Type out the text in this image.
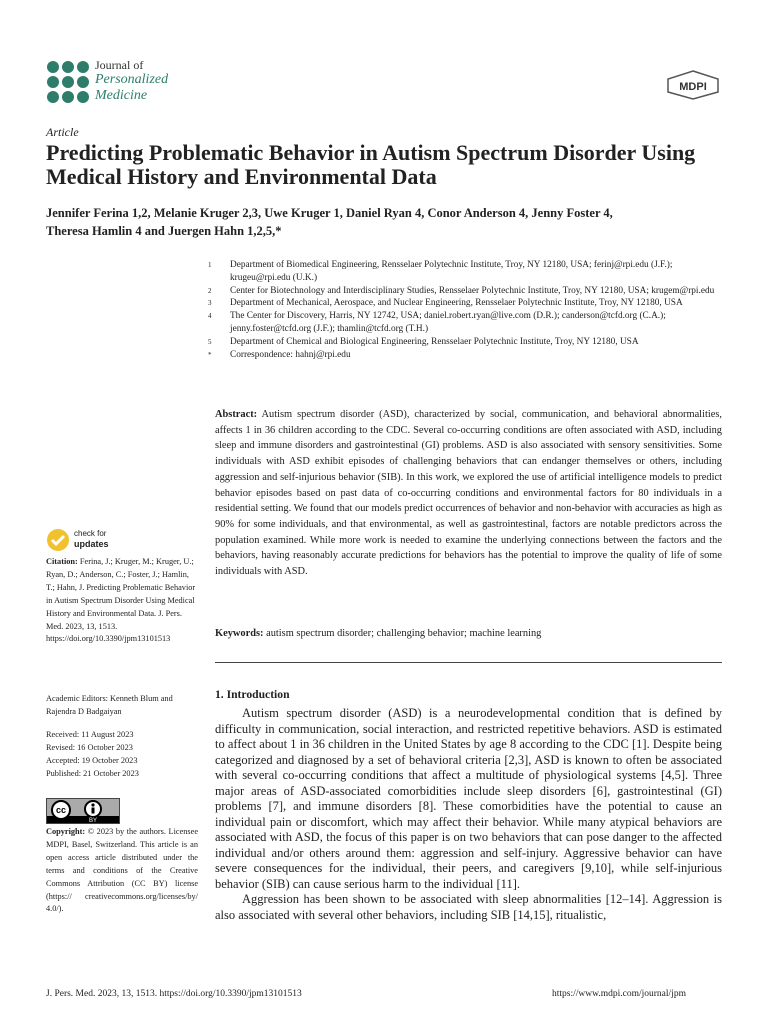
Journal of
Personalized
Medicine
MDPI
Article
Predicting Problematic Behavior in Autism Spectrum Disorder Using Medical History and Environmental Data
Jennifer Ferina 1,2, Melanie Kruger 2,3, Uwe Kruger 1, Daniel Ryan 4, Conor Anderson 4, Jenny Foster 4,
Theresa Hamlin 4 and Juergen Hahn 1,2,5,*
1	Department of Biomedical Engineering, Rensselaer Polytechnic Institute, Troy, NY 12180, USA; ferinj@rpi.edu (J.F.); krugeu@rpi.edu (U.K.)
2	Center for Biotechnology and Interdisciplinary Studies, Rensselaer Polytechnic Institute, Troy, NY 12180, USA; krugem@rpi.edu
3	Department of Mechanical, Aerospace, and Nuclear Engineering, Rensselaer Polytechnic Institute, Troy, NY 12180, USA
4	The Center for Discovery, Harris, NY 12742, USA; daniel.robert.ryan@live.com (D.R.); canderson@tcfd.org (C.A.); jenny.foster@tcfd.org (J.F.); thamlin@tcfd.org (T.H.)
5	Department of Chemical and Biological Engineering, Rensselaer Polytechnic Institute, Troy, NY 12180, USA
*	Correspondence: hahnj@rpi.edu
Abstract: Autism spectrum disorder (ASD), characterized by social, communication, and behavioral abnormalities, affects 1 in 36 children according to the CDC. Several co-occurring conditions are often associated with ASD, including sleep and immune disorders and gastrointestinal (GI) problems. ASD is also associated with sensory sensitivities. Some individuals with ASD exhibit episodes of challenging behaviors that can endanger themselves or others, including aggression and self-injurious behavior (SIB). In this work, we explored the use of artificial intelligence models to predict behavior episodes based on past data of co-occurring conditions and environmental factors for 80 individuals in a residential setting. We found that our models predict occurrences of behavior and non-behavior with accuracies as high as 90% for some individuals, and that environmental, as well as gastrointestinal, factors are notable predictors across the population examined. While more work is needed to examine the underlying connections between the factors and the behaviors, having reasonably accurate predictions for behaviors has the potential to improve the quality of life of some individuals with ASD.
Keywords: autism spectrum disorder; challenging behavior; machine learning
check for
updates
Citation: Ferina, J.; Kruger, M.; Kruger, U.; Ryan, D.; Anderson, C.; Foster, J.; Hamlin, T.; Hahn, J. Predicting Problematic Behavior in Autism Spectrum Disorder Using Medical History and Environmental Data. J. Pers. Med. 2023, 13, 1513. https://doi.org/10.3390/jpm13101513
Academic Editors: Kenneth Blum and Rajendra D Badgaiyan
Received: 11 August 2023
Revised: 16 October 2023
Accepted: 19 October 2023
Published: 21 October 2023
cc
BY
Copyright: © 2023 by the authors. Licensee MDPI, Basel, Switzerland. This article is an open access article distributed under the terms and conditions of the Creative Commons Attribution (CC BY) license (https:// creativecommons.org/licenses/by/ 4.0/).
1. Introduction

Autism spectrum disorder (ASD) is a neurodevelopmental condition that is defined by difficulty in communication, social interaction, and restricted repetitive behaviors. ASD is estimated to affect about 1 in 36 children in the United States by age 8 according to the CDC [1]. Despite being categorized and diagnosed by a set of behavioral criteria [2,3], ASD is known to often be associated with several co-occurring conditions that affect a multitude of physiological systems [4,5]. Three major areas of ASD-associated comorbidities include sleep disorders [6], gastrointestinal (GI) problems [7], and immune disorders [8]. These comorbidities have the potential to cause an individual pain or discomfort, which may affect their behavior. While many atypical behaviors are associated with ASD, the focus of this paper is on two behaviors that can pose danger to the affected individual and/or others around them: aggression and self-injury. Aggressive behavior can have severe consequences for the individual, their peers, and caregivers [9,10], while self-injurious behavior (SIB) can cause serious harm to the individual [11].

Aggression has been shown to be associated with sleep abnormalities [12–14]. Aggression is also associated with several other behaviors, including SIB [14,15], ritualistic,

J. Pers. Med. 2023, 13, 1513. https://doi.org/10.3390/jpm13101513	https://www.mdpi.com/journal/jpm
